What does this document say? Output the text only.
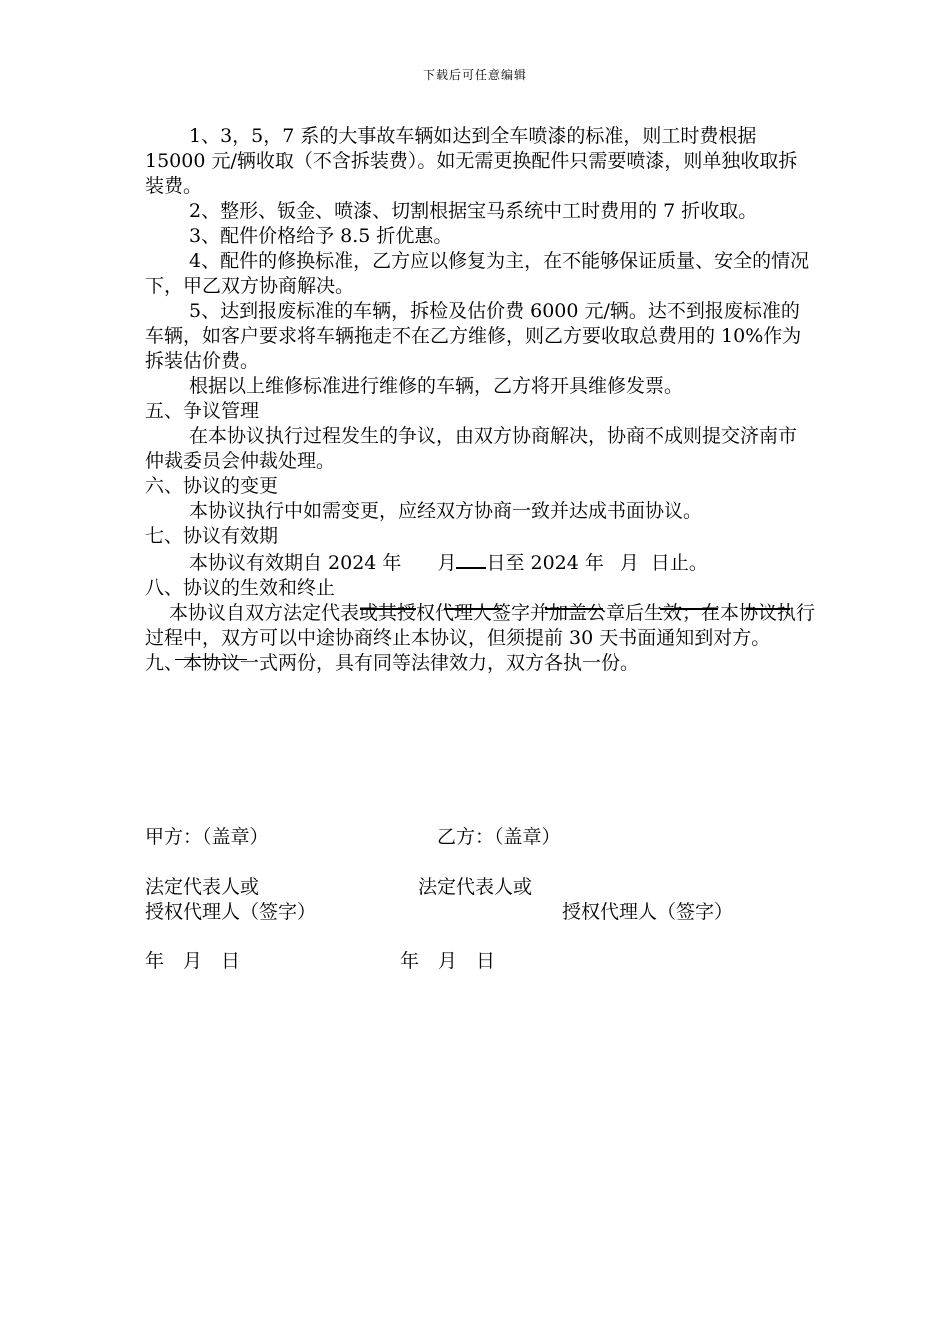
下载后可任意编辑

1、3，5，7 系的大事故车辆如达到全车喷漆的标准，则工时费根据 15000 元/辆收取（不含拆装费）。如无需更换配件只需要喷漆，则单独收取拆装费。

2、整形、钣金、喷漆、切割根据宝马系统中工时费用的 7 折收取。

3、配件价格给予 8.5 折优惠。

4、配件的修换标准，乙方应以修复为主，在不能够保证质量、安全的情况下，甲乙双方协商解决。

5、达到报废标准的车辆，拆检及估价费 6000 元/辆。达不到报废标准的车辆，如客户要求将车辆拖走不在乙方维修，则乙方要收取总费用的 10%作为拆装估价费。

根据以上维修标准进行维修的车辆，乙方将开具维修发票。

五、争议管理

在本协议执行过程发生的争议，由双方协商解决，协商不成则提交济南市仲裁委员会仲裁处理。

六、协议的变更

本协议执行中如需变更，应经双方协商一致并达成书面协议。

七、协议有效期

本协议有效期自 2024 年 月 日至 2024 年 月 日止。

八、协议的生效和终止

本协议自双方法定代表或其授权代理人签字并加盖公章后生效；在本协议执行过程中，双方可以中途协商终止本协议，但须提前 30 天书面通知到对方。

九、本协议一式两份，具有同等法律效力，双方各执一份。

甲方：（盖章）	乙方：（盖章）
法定代表人或	法定代表人或
授权代理人（签字）	授权代理人（签字）
年　月　日	年　月　日
